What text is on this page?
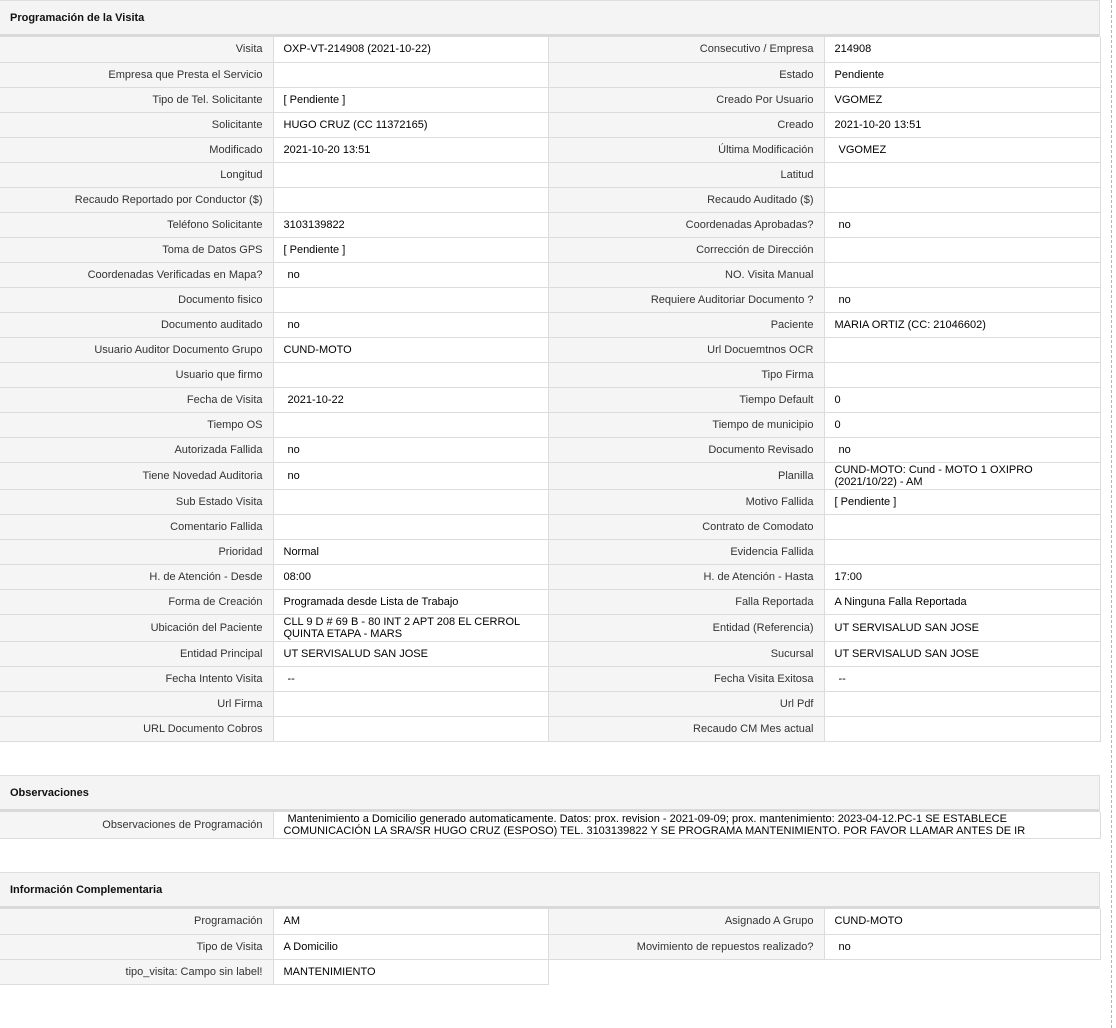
Programación de la Visita
Visita	OXP-VT-214908 (2021-10-22)	Consecutivo / Empresa	214908
Empresa que Presta el Servicio		Estado	Pendiente
Tipo de Tel. Solicitante	[ Pendiente ]	Creado Por Usuario	VGOMEZ
Solicitante	HUGO CRUZ (CC 11372165)	Creado	2021-10-20 13:51
Modificado	2021-10-20 13:51	Última Modificación	VGOMEZ
Longitud		Latitud	
Recaudo Reportado por Conductor ($)		Recaudo Auditado ($)	
Teléfono Solicitante	3103139822	Coordenadas Aprobadas?	no
Toma de Datos GPS	[ Pendiente ]	Corrección de Dirección	
Coordenadas Verificadas en Mapa?	no	NO. Visita Manual	
Documento fisico		Requiere Auditoriar Documento ?	no
Documento auditado	no	Paciente	MARIA ORTIZ (CC: 21046602)
Usuario Auditor Documento Grupo	CUND-MOTO	Url Docuemtnos OCR	
Usuario que firmo		Tipo Firma	
Fecha de Visita	2021-10-22	Tiempo Default	0
Tiempo OS		Tiempo de municipio	0
Autorizada Fallida	no	Documento Revisado	no
Tiene Novedad Auditoria	no	Planilla	CUND-MOTO: Cund - MOTO 1 OXIPRO (2021/10/22) - AM
Sub Estado Visita		Motivo Fallida	[ Pendiente ]
Comentario Fallida		Contrato de Comodato	
Prioridad	Normal	Evidencia Fallida	
H. de Atención - Desde	08:00	H. de Atención - Hasta	17:00
Forma de Creación	Programada desde Lista de Trabajo	Falla Reportada	A Ninguna Falla Reportada
Ubicación del Paciente	CLL 9 D # 69 B - 80 INT 2 APT 208 EL CERROL QUINTA ETAPA - MARS	Entidad (Referencia)	UT SERVISALUD SAN JOSE
Entidad Principal	UT SERVISALUD SAN JOSE	Sucursal	UT SERVISALUD SAN JOSE
Fecha Intento Visita	--	Fecha Visita Exitosa	--
Url Firma		Url Pdf	
URL Documento Cobros		Recaudo CM Mes actual	
Observaciones
Observaciones de Programación	Mantenimiento a Domicilio generado automaticamente. Datos: prox. revision - 2021-09-09; prox. mantenimiento: 2023-04-12.PC-1 SE ESTABLECE COMUNICACIÓN LA SRA/SR HUGO CRUZ (ESPOSO) TEL. 3103139822 Y SE PROGRAMA MANTENIMIENTO. POR FAVOR LLAMAR ANTES DE IR
Información Complementaria
Programación	AM	Asignado A Grupo	CUND-MOTO
Tipo de Visita	A Domicilio	Movimiento de repuestos realizado?	no
tipo_visita: Campo sin label!	MANTENIMIENTO
